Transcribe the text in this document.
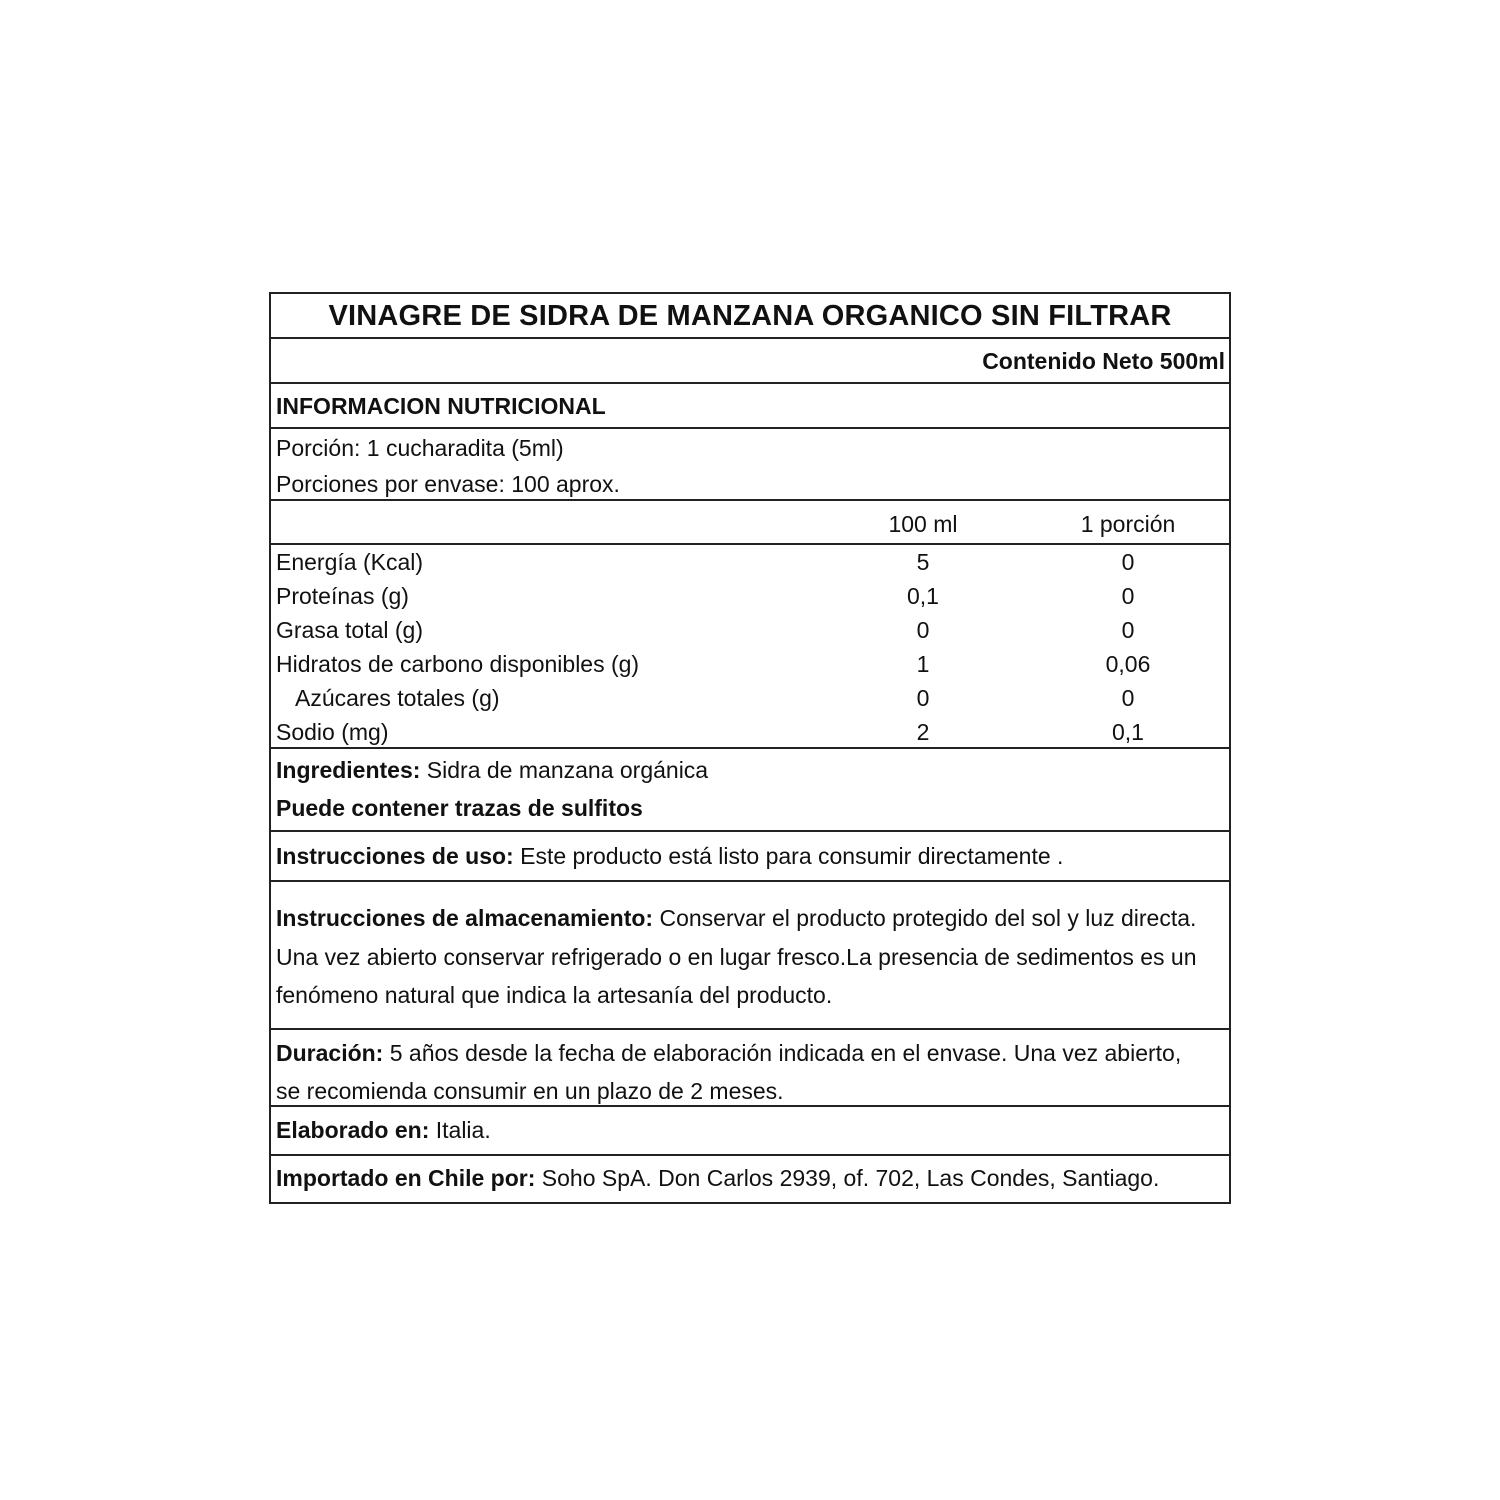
VINAGRE DE SIDRA DE MANZANA ORGANICO SIN FILTRAR
Contenido Neto 500ml
INFORMACION NUTRICIONAL
Porción: 1 cucharadita (5ml)
Porciones por envase: 100 aprox.
100 ml	1 porción
Energía (Kcal)	5	0
Proteínas (g)	0,1	0
Grasa total (g)	0	0
Hidratos de carbono disponibles (g)	1	0,06
Azúcares totales (g)	0	0
Sodio (mg)	2	0,1
Ingredientes: Sidra de manzana orgánica
Puede contener trazas de sulfitos
Instrucciones de uso: Este producto está listo para consumir directamente .
Instrucciones de almacenamiento: Conservar el producto protegido del sol y luz directa. Una vez abierto conservar refrigerado o en lugar fresco.La presencia de sedimentos es un fenómeno natural que indica la artesanía del producto.
Duración: 5 años desde la fecha de elaboración indicada en el envase. Una vez abierto, se recomienda consumir en un plazo de 2 meses.
Elaborado en: Italia.
Importado en Chile por: Soho SpA. Don Carlos 2939, of. 702, Las Condes, Santiago.
